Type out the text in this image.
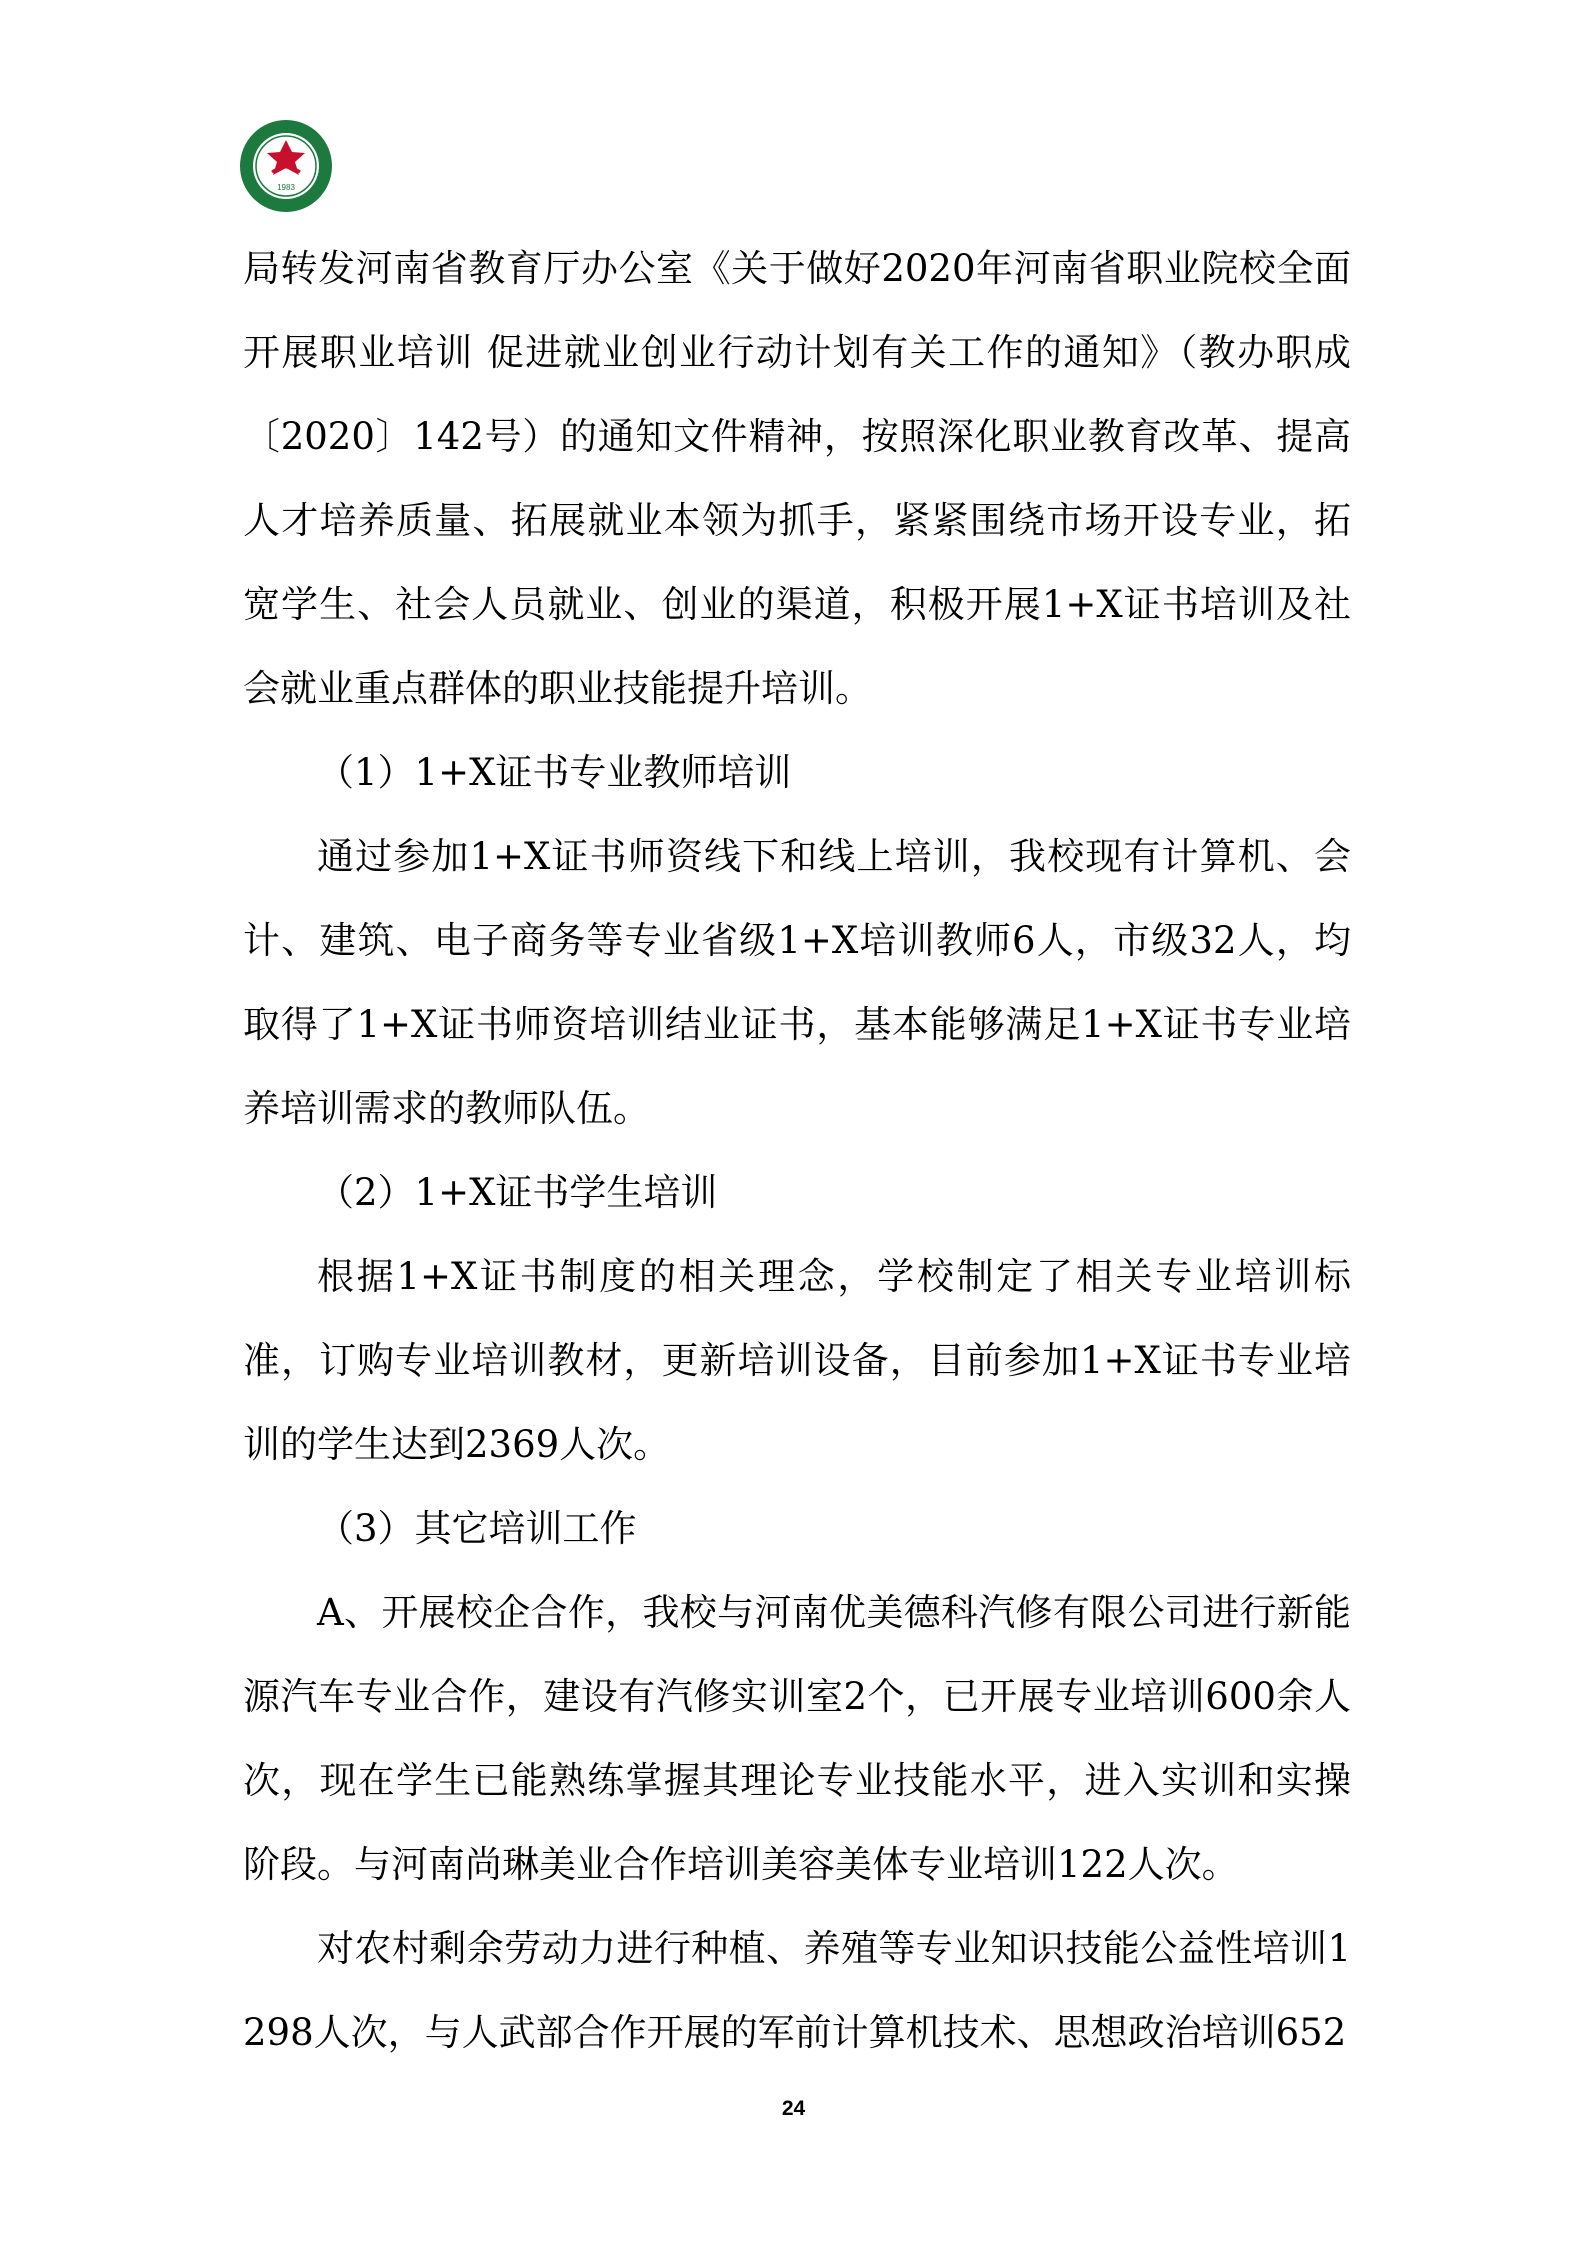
1983

局转发河南省教育厅办公室《关于做好2020年河南省职业院校全面开展职业培训 促进就业创业行动计划有关工作的通知》（教办职成〔2020〕142号）的通知文件精神，按照深化职业教育改革、提高人才培养质量、拓展就业本领为抓手，紧紧围绕市场开设专业，拓宽学生、社会人员就业、创业的渠道，积极开展1+X证书培训及社会就业重点群体的职业技能提升培训。

（1）1+X证书专业教师培训

通过参加1+X证书师资线下和线上培训，我校现有计算机、会计、建筑、电子商务等专业省级1+X培训教师6人，市级32人，均取得了1+X证书师资培训结业证书，基本能够满足1+X证书专业培养培训需求的教师队伍。

（2）1+X证书学生培训

根据1+X证书制度的相关理念，学校制定了相关专业培训标准，订购专业培训教材，更新培训设备，目前参加1+X证书专业培训的学生达到2369人次。

（3）其它培训工作

A、开展校企合作，我校与河南优美德科汽修有限公司进行新能源汽车专业合作，建设有汽修实训室2个，已开展专业培训600余人次，现在学生已能熟练掌握其理论专业技能水平，进入实训和实操阶段。与河南尚琳美业合作培训美容美体专业培训122人次。

对农村剩余劳动力进行种植、养殖等专业知识技能公益性培训1298人次，与人武部合作开展的军前计算机技术、思想政治培训652

24
